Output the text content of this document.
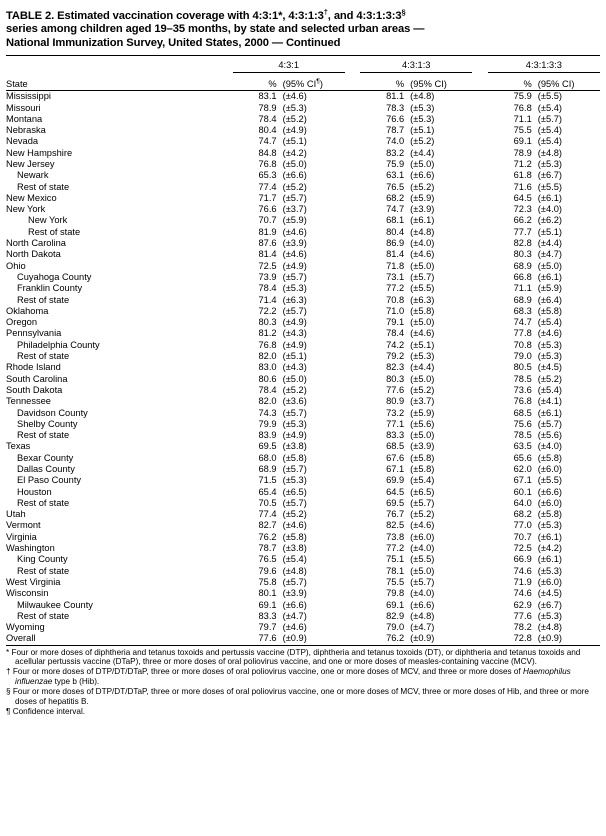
TABLE 2. Estimated vaccination coverage with 4:3:1*, 4:3:1:3†, and 4:3:1:3:3§
series among children aged 19–35 months, by state and selected urban areas —
National Immunization Survey, United States, 2000 — Continued

	4:3:1			4:3:1:3			4:3:1:3:3	

State	%	(95% CI¶)		%	(95% CI)		%	(95% CI)
Mississippi	83.1	(±4.6)		81.1	(±4.8)		75.9	(±5.5)
Missouri	78.9	(±5.3)		78.3	(±5.3)		76.8	(±5.4)
Montana	78.4	(±5.2)		76.6	(±5.3)		71.1	(±5.7)
Nebraska	80.4	(±4.9)		78.7	(±5.1)		75.5	(±5.4)
Nevada	74.7	(±5.1)		74.0	(±5.2)		69.1	(±5.4)
New Hampshire	84.8	(±4.2)		83.2	(±4.4)		78.9	(±4.8)
New Jersey	76.8	(±5.0)		75.9	(±5.0)		71.2	(±5.3)
Newark	65.3	(±6.6)		63.1	(±6.6)		61.8	(±6.7)
Rest of state	77.4	(±5.2)		76.5	(±5.2)		71.6	(±5.5)
New Mexico	71.7	(±5.7)		68.2	(±5.9)		64.5	(±6.1)
New York	76.6	(±3.7)		74.7	(±3.9)		72.3	(±4.0)
New York	70.7	(±5.9)		68.1	(±6.1)		66.2	(±6.2)
Rest of state	81.9	(±4.6)		80.4	(±4.8)		77.7	(±5.1)
North Carolina	87.6	(±3.9)		86.9	(±4.0)		82.8	(±4.4)
North Dakota	81.4	(±4.6)		81.4	(±4.6)		80.3	(±4.7)
Ohio	72.5	(±4.9)		71.8	(±5.0)		68.9	(±5.0)
Cuyahoga County	73.9	(±5.7)		73.1	(±5.7)		66.8	(±6.1)
Franklin County	78.4	(±5.3)		77.2	(±5.5)		71.1	(±5.9)
Rest of state	71.4	(±6.3)		70.8	(±6.3)		68.9	(±6.4)
Oklahoma	72.2	(±5.7)		71.0	(±5.8)		68.3	(±5.8)
Oregon	80.3	(±4.9)		79.1	(±5.0)		74.7	(±5.4)
Pennsylvania	81.2	(±4.3)		78.4	(±4.6)		77.8	(±4.6)
Philadelphia County	76.8	(±4.9)		74.2	(±5.1)		70.8	(±5.3)
Rest of state	82.0	(±5.1)		79.2	(±5.3)		79.0	(±5.3)
Rhode Island	83.0	(±4.3)		82.3	(±4.4)		80.5	(±4.5)
South Carolina	80.6	(±5.0)		80.3	(±5.0)		78.5	(±5.2)
South Dakota	78.4	(±5.2)		77.6	(±5.2)		73.6	(±5.4)
Tennessee	82.0	(±3.6)		80.9	(±3.7)		76.8	(±4.1)
Davidson County	74.3	(±5.7)		73.2	(±5.9)		68.5	(±6.1)
Shelby County	79.9	(±5.3)		77.1	(±5.6)		75.6	(±5.7)
Rest of state	83.9	(±4.9)		83.3	(±5.0)		78.5	(±5.6)
Texas	69.5	(±3.8)		68.5	(±3.9)		63.5	(±4.0)
Bexar County	68.0	(±5.8)		67.6	(±5.8)		65.6	(±5.8)
Dallas County	68.9	(±5.7)		67.1	(±5.8)		62.0	(±6.0)
El Paso County	71.5	(±5.3)		69.9	(±5.4)		67.1	(±5.5)
Houston	65.4	(±6.5)		64.5	(±6.5)		60.1	(±6.6)
Rest of state	70.5	(±5.7)		69.5	(±5.7)		64.0	(±6.0)
Utah	77.4	(±5.2)		76.7	(±5.2)		68.2	(±5.8)
Vermont	82.7	(±4.6)		82.5	(±4.6)		77.0	(±5.3)
Virginia	76.2	(±5.8)		73.8	(±6.0)		70.7	(±6.1)
Washington	78.7	(±3.8)		77.2	(±4.0)		72.5	(±4.2)
King County	76.5	(±5.4)		75.1	(±5.5)		66.9	(±6.1)
Rest of state	79.6	(±4.8)		78.1	(±5.0)		74.6	(±5.3)
West Virginia	75.8	(±5.7)		75.5	(±5.7)		71.9	(±6.0)
Wisconsin	80.1	(±3.9)		79.8	(±4.0)		74.6	(±4.5)
Milwaukee County	69.1	(±6.6)		69.1	(±6.6)		62.9	(±6.7)
Rest of state	83.3	(±4.7)		82.9	(±4.8)		77.6	(±5.3)
Wyoming	79.7	(±4.6)		79.0	(±4.7)		78.2	(±4.8)
Overall	77.6	(±0.9)		76.2	(±0.9)		72.8	(±0.9)
* Four or more doses of diphtheria and tetanus toxoids and pertussis vaccine (DTP), diphtheria and tetanus toxoids (DT), or diphtheria and tetanus toxoids and acellular pertussis vaccine (DTaP), three or more doses of oral poliovirus vaccine, and one or more doses of measles-containing vaccine (MCV).
† Four or more doses of DTP/DT/DTaP, three or more doses of oral poliovirus vaccine, one or more doses of MCV, and three or more doses of Haemophilus influenzae type b (Hib).
§ Four or more doses of DTP/DT/DTaP, three or more doses of oral poliovirus vaccine, one or more doses of MCV, three or more doses of Hib, and three or more doses of hepatitis B.
¶ Confidence interval.
